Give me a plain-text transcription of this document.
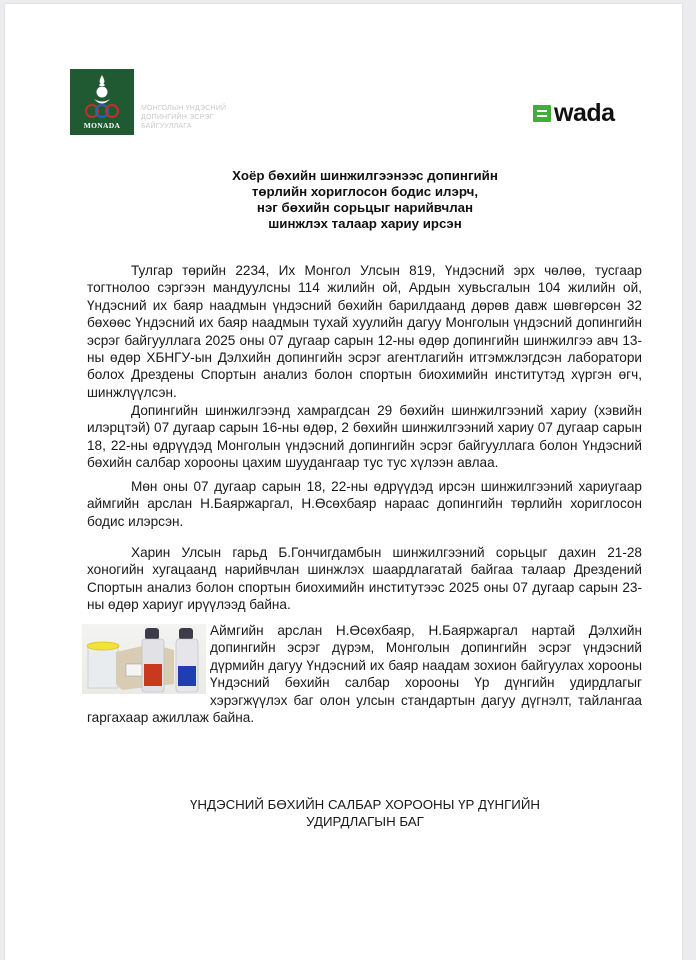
MONADA
МОНГОЛЫН ҮНДЭСНИЙ
ДОПИНГИЙН ЭСРЭГ
БАЙГУУЛЛАГА	wada
Хоёр бөхийн шинжилгээнээс допингийн
төрлийн хориглосон бодис илэрч,
нэг бөхийн сорьцыг нарийвчлан
шинжлэх талаар хариу ирсэн

Тулгар төрийн 2234, Их Монгол Улсын 819, Үндэсний эрх чөлөө, тусгаар тогтнолоо сэргээн мандуулсны 114 жилийн ой, Ардын хувьсгалын 104 жилийн ой, Үндэсний их баяр наадмын үндэсний бөхийн барилдаанд дөрөв давж шөвгөрсөн 32 бөхөөс Үндэсний их баяр наадмын тухай хуулийн дагуу Монголын үндэсний допингийн эсрэг байгууллага 2025 оны 07 дугаар сарын 12-ны өдөр допингийн шинжилгээ авч 13-ны өдөр ХБНГУ-ын Дэлхийн допингийн эсрэг агентлагийн итгэмжлэгдсэн лаборатори болох Дрездены Спортын анализ болон спортын биохимийн институтэд хүргэн өгч, шинжлүүлсэн.

Допингийн шинжилгээнд хамрагдсан 29 бөхийн шинжилгээний хариу (хэвийн илэрцтэй) 07 дугаар сарын 16-ны өдөр, 2 бөхийн шинжилгээний хариу 07 дугаар сарын 18, 22-ны өдрүүдэд Монголын үндэсний допингийн эсрэг байгууллага болон Үндэсний бөхийн салбар хорооны цахим шуудангаар тус тус хүлээн авлаа.

Мөн оны 07 дугаар сарын 18, 22-ны өдрүүдэд ирсэн шинжилгээний хариугаар аймгийн арслан Н.Баяржаргал, Н.Өсөхбаяр нараас допингийн төрлийн хориглосон бодис илэрсэн.

Харин Улсын гарьд Б.Гончигдамбын шинжилгээний сорьцыг дахин 21-28 хоногийн хугацаанд нарийвчлан шинжлэх шаардлагатай байгаа талаар Дрездений Спортын анализ болон спортын биохимийн институтээс 2025 оны 07 дугаар сарын 23-ны өдөр хариуг ирүүлээд байна.

Аймгийн арслан Н.Өсөхбаяр, Н.Баяржаргал нартай Дэлхийн допингийн эсрэг дүрэм, Монголын допингийн эсрэг үндэсний дүрмийн дагуу Үндэсний их баяр наадам зохион байгуулах хорооны Үндэсний бөхийн салбар хорооны Үр дүнгийн удирдлагыг хэрэгжүүлэх баг олон улсын стандартын дагуу дүгнэлт, тайлангаа гаргахаар ажиллаж байна.
ҮНДЭСНИЙ БӨХИЙН САЛБАР ХОРООНЫ ҮР ДҮНГИЙН
УДИРДЛАГЫН БАГ
